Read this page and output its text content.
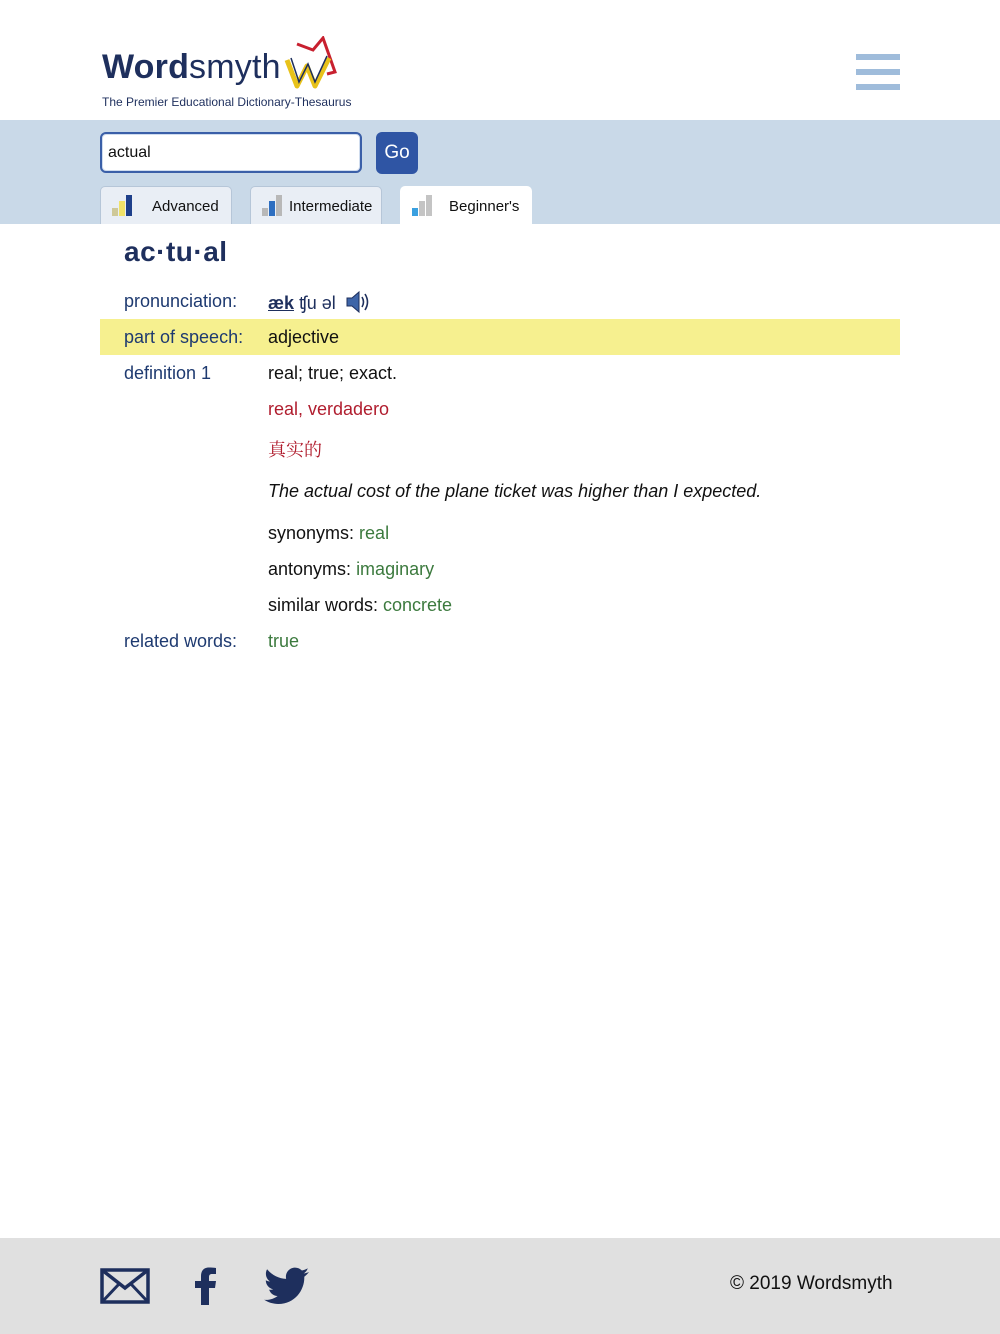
Wordsmyth
The Premier Educational Dictionary-Thesaurus
actual
Go
Advanced	Intermediate	Beginner's
ac·tu·al
pronunciation: æk ʧu əl
part of speech: adjective
definition 1	real; true; exact.
real, verdadero
真实的
The actual cost of the plane ticket was higher than I expected.
synonyms: real
antonyms: imaginary
similar words: concrete
related words: true
© 2019 Wordsmyth
